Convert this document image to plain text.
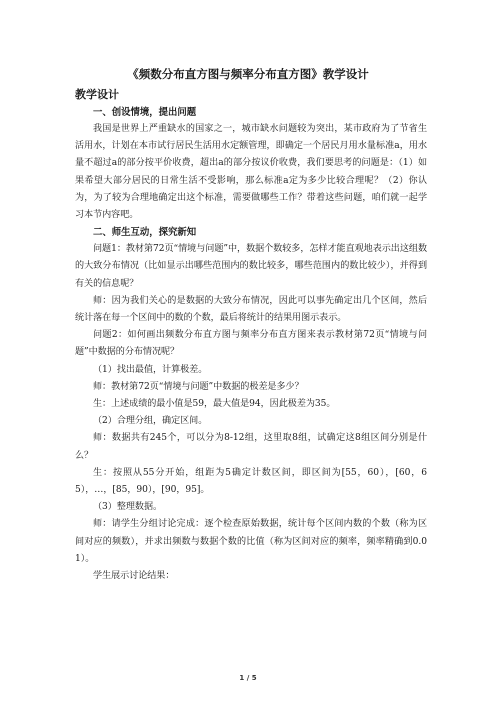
《频数分布直方图与频率分布直方图》教学设计

教学设计

一、创设情境，提出问题

我国是世界上严重缺水的国家之一，城市缺水问题较为突出，某市政府为了节省生活用水，计划在本市试行居民生活用水定额管理，即确定一个居民月用水量标准a，用水量不超过a的部分按平价收费，超出a的部分按议价收费，我们要思考的问题是：（1）如果希望大部分居民的日常生活不受影响，那么标准a定为多少比较合理呢？（2）你认为，为了较为合理地确定出这个标准，需要做哪些工作？带着这些问题，咱们就一起学习本节内容吧。

二、师生互动，探究新知

问题1：教材第72页“情境与问题”中，数据个数较多，怎样才能直观地表示出这组数的大致分布情况（比如显示出哪些范围内的数比较多，哪些范围内的数比较少），并得到有关的信息呢？

师：因为我们关心的是数据的大致分布情况，因此可以事先确定出几个区间，然后统计落在每一个区间中的数的个数，最后将统计的结果用图示表示。

问题2：如何画出频数分布直方图与频率分布直方图来表示教材第72页“情境与问题”中数据的分布情况呢？

（1）找出最值，计算极差。

师：教材第72页“情境与问题”中数据的极差是多少？

生：上述成绩的最小值是59，最大值是94，因此极差为35。

（2）合理分组，确定区间。

师：数据共有245个，可以分为8-12组，这里取8组，试确定这8组区间分别是什么？

生：按照从55分开始，组距为5确定计数区间，即区间为[55，60），[60，65），…，[85，90），[90，95]。

（3）整理数据。

师：请学生分组讨论完成：逐个检查原始数据，统计每个区间内数的个数（称为区间对应的频数），并求出频数与数据个数的比值（称为区间对应的频率，频率精确到0.01）。

学生展示讨论结果：

1 / 5
